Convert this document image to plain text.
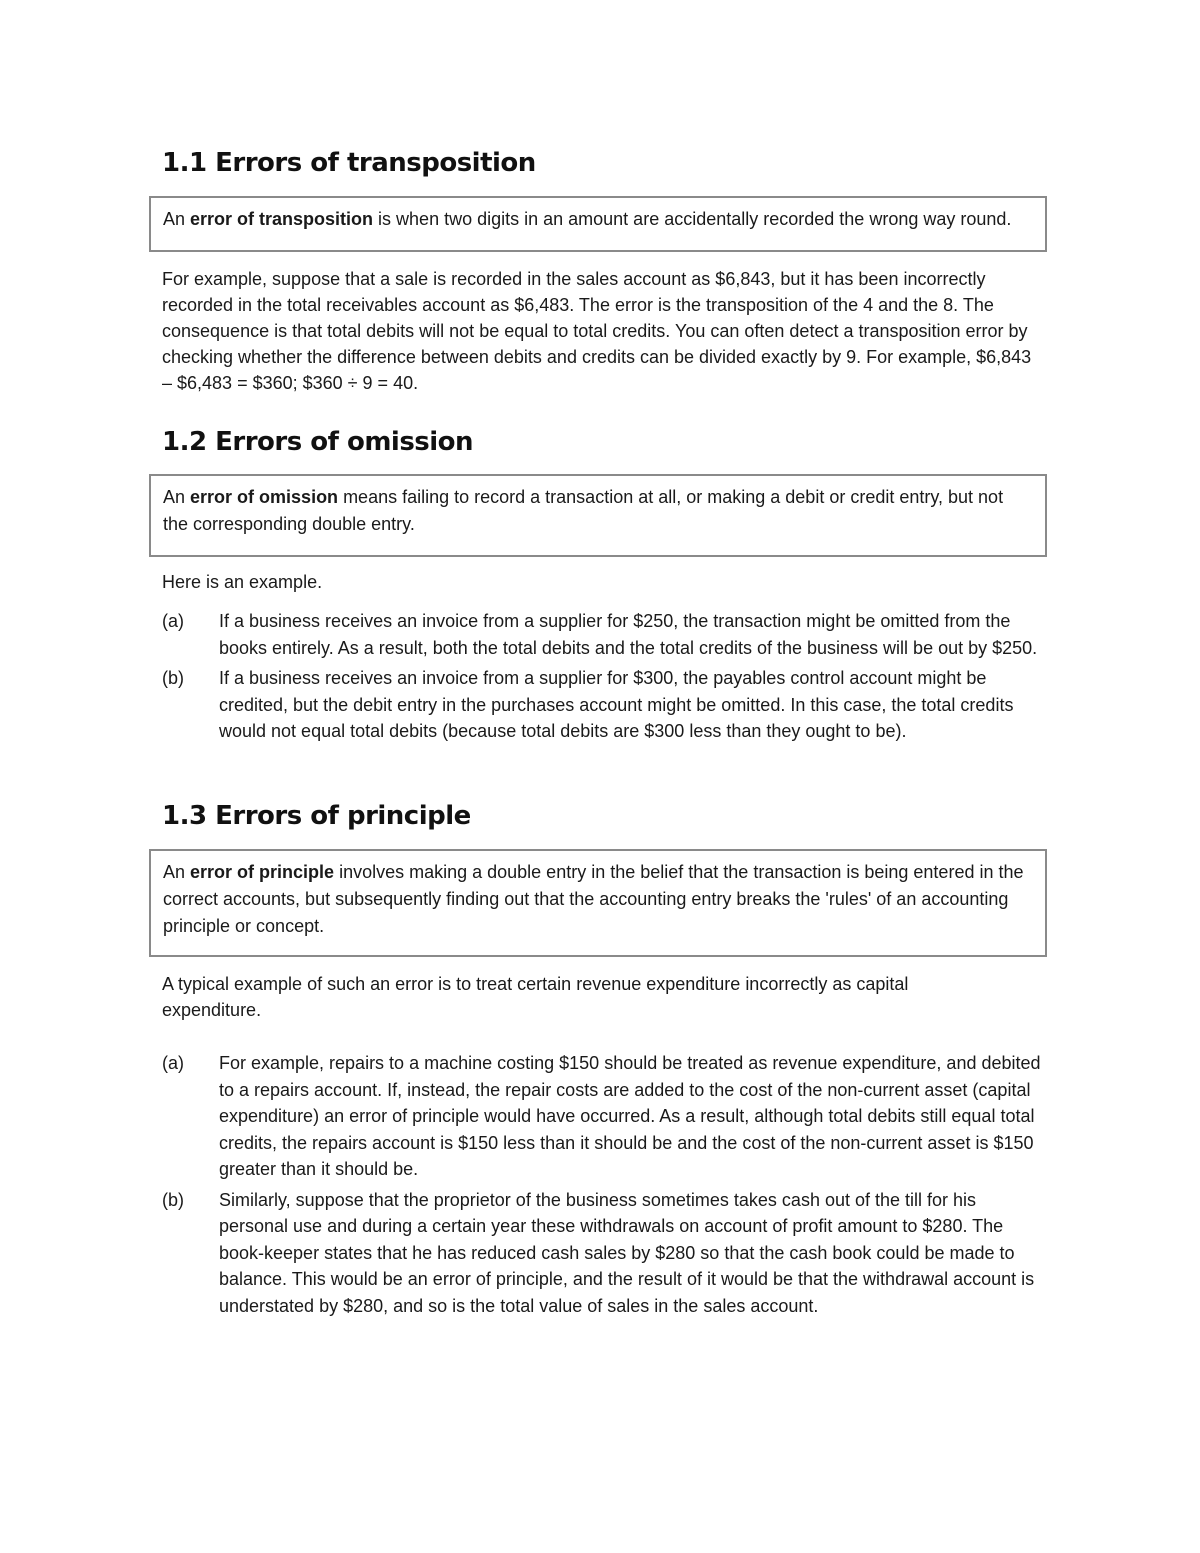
1.1 Errors of transposition
An error of transposition is when two digits in an amount are accidentally recorded the wrong way round.

For example, suppose that a sale is recorded in the sales account as $6,843, but it has been incorrectly recorded in the total receivables account as $6,483. The error is the transposition of the 4 and the 8. The consequence is that total debits will not be equal to total credits. You can often detect a transposition error by checking whether the difference between debits and credits can be divided exactly by 9. For example, $6,843 – $6,483 = $360; $360 ÷ 9 = 40.

1.2 Errors of omission
An error of omission means failing to record a transaction at all, or making a debit or credit entry, but not the corresponding double entry.

Here is an example.

(a)	If a business receives an invoice from a supplier for $250, the transaction might be omitted from the books entirely. As a result, both the total debits and the total credits of the business will be out by $250.
(b)	If a business receives an invoice from a supplier for $300, the payables control account might be credited, but the debit entry in the purchases account might be omitted. In this case, the total credits would not equal total debits (because total debits are $300 less than they ought to be).
1.3 Errors of principle
An error of principle involves making a double entry in the belief that the transaction is being entered in the correct accounts, but subsequently finding out that the accounting entry breaks the 'rules' of an accounting principle or concept.

A typical example of such an error is to treat certain revenue expenditure incorrectly as capital expenditure.

(a)	For example, repairs to a machine costing $150 should be treated as revenue expenditure, and debited to a repairs account. If, instead, the repair costs are added to the cost of the non-current asset (capital expenditure) an error of principle would have occurred. As a result, although total debits still equal total credits, the repairs account is $150 less than it should be and the cost of the non-current asset is $150 greater than it should be.
(b)	Similarly, suppose that the proprietor of the business sometimes takes cash out of the till for his personal use and during a certain year these withdrawals on account of profit amount to $280. The book-keeper states that he has reduced cash sales by $280 so that the cash book could be made to balance. This would be an error of principle, and the result of it would be that the withdrawal account is understated by $280, and so is the total value of sales in the sales account.
